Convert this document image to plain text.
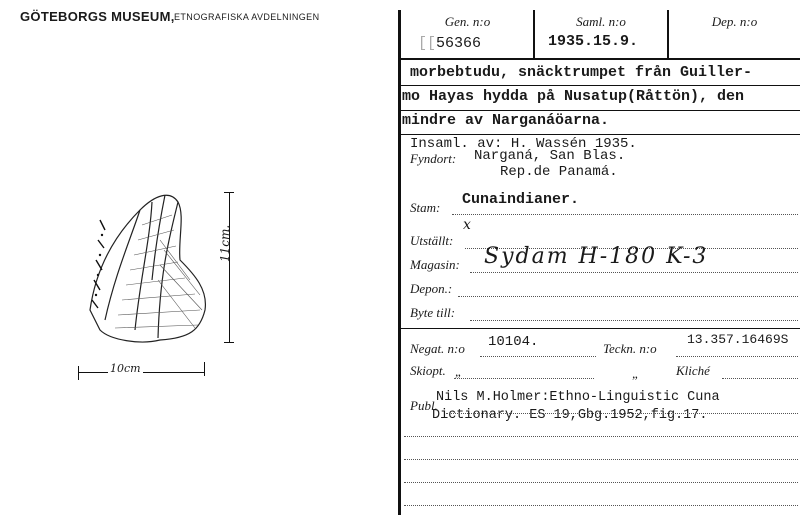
GÖTEBORGS MUSEUM, ETNOGRAFISKA AVDELNINGEN
11cm.
10cm
Gen. n:o	Saml. n:o	Dep. n:o
[[56366	1935.15.9.
morbebtudu, snäcktrumpet från Guiller-
mo Hayas hydda på Nusatup(Råttön), den
mindre av Narganáöarna.
Insaml. av: H. Wassén 1935.
Fyndort: Narganá, San Blas.
Rep.de Panamá.
Stam: Cunaindianer.
Utställt:
x
Magasin: Sydam H-180 K-3
Depon.:
Byte till:
Negat. n:o 10104.	Teckn. n:o
13.357.16469S
Skiopt. „	„	Kliché
Publ.
Nils M.Holmer:Ethno-Linguistic Cuna
Dictionary. ES 19,Gbg.1952,fig.17.
